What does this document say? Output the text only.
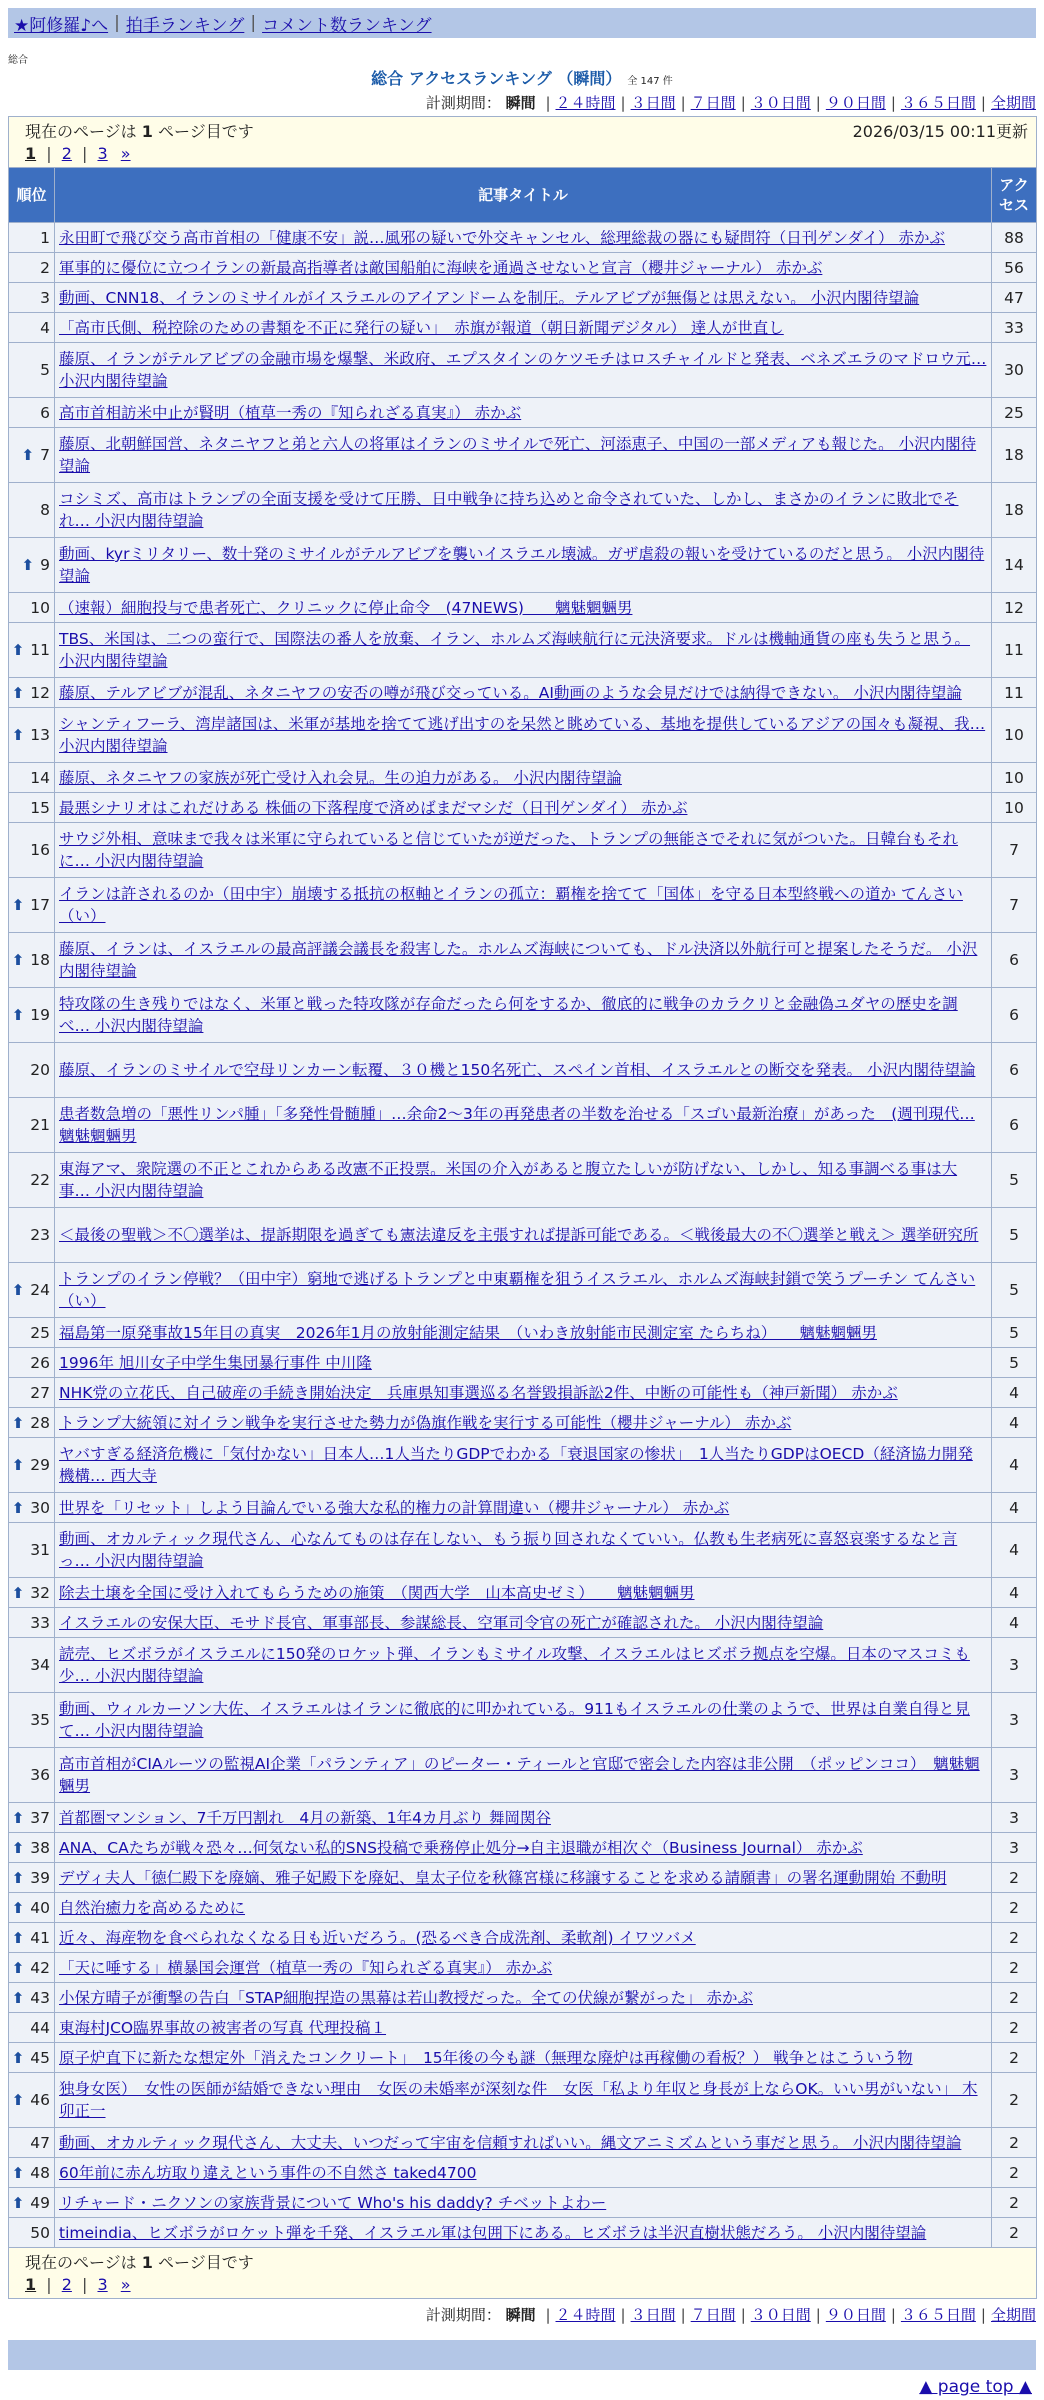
★阿修羅♪へ | 拍手ランキング | コメント数ランキング
総合
総合 アクセスランキング （瞬間） 全 147 件
計測期間： 瞬間 | ２４時間 | ３日間 | ７日間 | ３０日間 | ９０日間 | ３６５日間 | 全期間
現在のページは 1 ページ目です 2026/03/15 00:11更新
1 | 2 | 3 »		

順位	記事タイトル	アクセス
1	永田町で飛び交う高市首相の「健康不安」説…風邪の疑いで外交キャンセル、総理総裁の器にも疑問符（日刊ゲンダイ） 赤かぶ	88
2	軍事的に優位に立つイランの新最高指導者は敵国船舶に海峡を通過させないと宣言（櫻井ジャーナル） 赤かぶ	56
3	動画、CNN18、イランのミサイルがイスラエルのアイアンドームを制圧。テルアビブが無傷とは思えない。 小沢内閣待望論	47
4	「高市氏側、税控除のための書類を不正に発行の疑い」　赤旗が報道（朝日新聞デジタル） 達人が世直し	33
5	藤原、イランがテルアビブの金融市場を爆撃、米政府、エプスタインのケツモチはロスチャイルドと発表、ベネズエラのマドロウ元… 小沢内閣待望論	30
6	高市首相訪米中止が賢明（植草一秀の『知られざる真実』） 赤かぶ	25
⬆ 7	藤原、北朝鮮国営、ネタニヤフと弟と六人の将軍はイランのミサイルで死亡、河添恵子、中国の一部メディアも報じた。 小沢内閣待望論	18
8	コシミズ、高市はトランプの全面支援を受けて圧勝、日中戦争に持ち込めと命令されていた、しかし、まさかのイランに敗北でそれ… 小沢内閣待望論	18
⬆ 9	動画、kyrミリタリー、数十発のミサイルがテルアビブを襲いイスラエル壊滅。ガザ虐殺の報いを受けているのだと思う。 小沢内閣待望論	14
10	（速報）細胞投与で患者死亡、クリニックに停止命令　(47NEWS)　　魑魅魍魎男	12
⬆ 11	TBS、米国は、二つの蛮行で、国際法の番人を放棄、イラン、ホルムズ海峡航行に元決済要求。ドルは機軸通貨の座も失うと思う。 小沢内閣待望論	11
⬆ 12	藤原、テルアビブが混乱、ネタニヤフの安否の噂が飛び交っている。AI動画のような会見だけでは納得できない。 小沢内閣待望論	11
⬆ 13	シャンティフーラ、湾岸諸国は、米軍が基地を捨てて逃げ出すのを呆然と眺めている、基地を提供しているアジアの国々も凝視、我… 小沢内閣待望論	10
14	藤原、ネタニヤフの家族が死亡受け入れ会見。生の迫力がある。 小沢内閣待望論	10
15	最悪シナリオはこれだけある 株価の下落程度で済めばまだマシだ（日刊ゲンダイ） 赤かぶ	10
16	サウジ外相、意味まで我々は米軍に守られていると信じていたが逆だった、トランプの無能さでそれに気がついた。日韓台もそれに… 小沢内閣待望論	7
⬆ 17	イランは許されるのか（田中宇）崩壊する抵抗の枢軸とイランの孤立：覇権を捨てて「国体」を守る日本型終戦への道か てんさい（い）	7
⬆ 18	藤原、イランは、イスラエルの最高評議会議長を殺害した。ホルムズ海峡についても、ドル決済以外航行可と提案したそうだ。 小沢内閣待望論	6
⬆ 19	特攻隊の生き残りではなく、米軍と戦った特攻隊が存命だったら何をするか、徹底的に戦争のカラクリと金融偽ユダヤの歴史を調べ… 小沢内閣待望論	6
20	藤原、イランのミサイルで空母リンカーン転覆、３０機と150名死亡、スペイン首相、イスラエルとの断交を発表。 小沢内閣待望論	6
21	患者数急増の「悪性リンパ腫」「多発性骨髄腫」…余命2～3年の再発患者の半数を治せる「スゴい最新治療」があった　(週刊現代… 魑魅魍魎男	6
22	東海アマ、衆院選の不正とこれからある改憲不正投票。米国の介入があると腹立たしいが防げない、しかし、知る事調べる事は大事… 小沢内閣待望論	5
23	＜最後の聖戦＞不〇選挙は、提訴期限を過ぎても憲法違反を主張すれば提訴可能である。＜戦後最大の不〇選挙と戦え＞ 選挙研究所	5
⬆ 24	トランプのイラン停戦？（田中宇）窮地で逃げるトランプと中東覇権を狙うイスラエル、ホルムズ海峡封鎖で笑うプーチン てんさい（い）	5
25	福島第一原発事故15年目の真実　2026年1月の放射能測定結果　（いわき放射能市民測定室 たらちね）　　魑魅魍魎男	5
26	1996年 旭川女子中学生集団暴行事件 中川隆	5
27	NHK党の立花氏、自己破産の手続き開始決定　兵庫県知事選巡る名誉毀損訴訟2件、中断の可能性も（神戸新聞） 赤かぶ	4
⬆ 28	トランプ大統領に対イラン戦争を実行させた勢力が偽旗作戦を実行する可能性（櫻井ジャーナル） 赤かぶ	4
⬆ 29	ヤバすぎる経済危機に「気付かない」日本人…1人当たりGDPでわかる「衰退国家の惨状」　1人当たりGDPはOECD（経済協力開発機構… 西大寺	4
⬆ 30	世界を「リセット」しよう目論んでいる強大な私的権力の計算間違い（櫻井ジャーナル） 赤かぶ	4
31	動画、オカルティック現代さん、心なんてものは存在しない、もう振り回されなくていい。仏教も生老病死に喜怒哀楽するなと言っ… 小沢内閣待望論	4
⬆ 32	除去土壌を全国に受け入れてもらうための施策　（関西大学　山本高史ゼミ）　　魑魅魍魎男	4
33	イスラエルの安保大臣、モサド長官、軍事部長、参謀総長、空軍司令官の死亡が確認された。 小沢内閣待望論	4
34	読売、ヒズボラがイスラエルに150発のロケット弾、イランもミサイル攻撃、イスラエルはヒズボラ拠点を空爆。日本のマスコミも少… 小沢内閣待望論	3
35	動画、ウィルカーソン大佐、イスラエルはイランに徹底的に叩かれている。911もイスラエルの仕業のようで、世界は自業自得と見て… 小沢内閣待望論	3
36	高市首相がCIAルーツの監視AI企業「パランティア」のピーター・ティールと官邸で密会した内容は非公開　（ポッピンココ）　魑魅魍魎男	3
⬆ 37	首都圏マンション、7千万円割れ　4月の新築、1年4カ月ぶり 舞岡関谷	3
⬆ 38	ANA、CAたちが戦々恐々…何気ない私的SNS投稿で乗務停止処分→自主退職が相次ぐ（Business Journal） 赤かぶ	3
⬆ 39	デヴィ夫人「徳仁殿下を廃嫡、雅子妃殿下を廃妃、皇太子位を秋篠宮様に移譲することを求める請願書」の署名運動開始 不動明	2
⬆ 40	自然治癒力を高めるために	2
⬆ 41	近々、海産物を食べられなくなる日も近いだろう。(恐るべき合成洗剤、柔軟剤) イワツバメ	2
⬆ 42	「天に唾する」横暴国会運営（植草一秀の『知られざる真実』） 赤かぶ	2
⬆ 43	小保方晴子が衝撃の告白「STAP細胞捏造の黒幕は若山教授だった。全ての伏線が繋がった」 赤かぶ	2
44	東海村JCO臨界事故の被害者の写真 代理投稿１	2
⬆ 45	原子炉直下に新たな想定外「消えたコンクリート」　15年後の今も謎（無理な廃炉は再稼働の看板？） 戦争とはこういう物	2
⬆ 46	独身女医）　女性の医師が結婚できない理由　女医の未婚率が深刻な件　女医「私より年収と身長が上ならOK。いい男がいない」 木卯正一	2
47	動画、オカルティック現代さん、大丈夫、いつだって宇宙を信頼すればいい。縄文アニミズムという事だと思う。 小沢内閣待望論	2
⬆ 48	60年前に赤ん坊取り違えという事件の不自然さ taked4700	2
⬆ 49	リチャード・ニクソンの家族背景について Who's his daddy? チベットよわー	2
50	timeindia、ヒズボラがロケット弾を千発、イスラエル軍は包囲下にある。ヒズボラは半沢直樹状態だろう。 小沢内閣待望論	2

現在のページは 1 ページ目です
1 | 2 | 3 »		
計測期間： 瞬間 | ２４時間 | ３日間 | ７日間 | ３０日間 | ９０日間 | ３６５日間 | 全期間
▲ page top ▲
